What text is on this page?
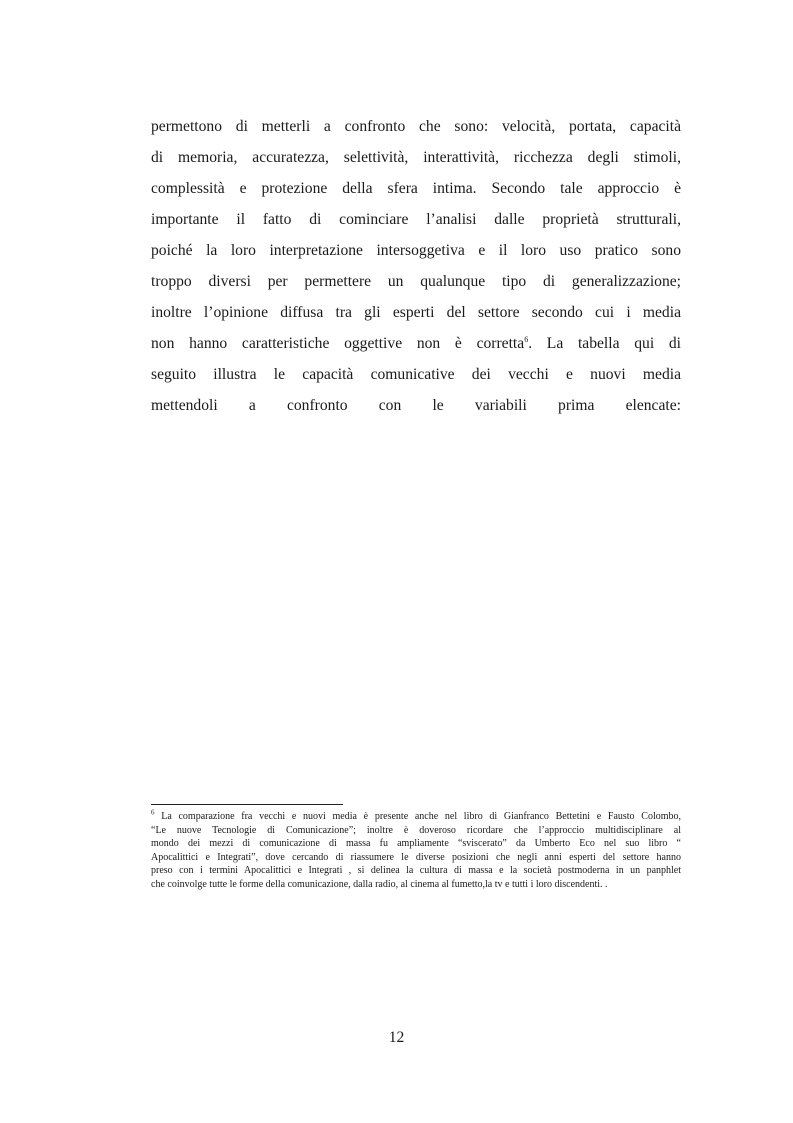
permettono di metterli a confronto che sono: velocità, portata, capacità
di memoria, accuratezza, selettività, interattività, ricchezza degli stimoli,
complessità e protezione della sfera intima. Secondo tale approccio è
importante il fatto di cominciare l’analisi dalle proprietà strutturali,
poiché la loro interpretazione intersoggetiva e il loro uso pratico sono
troppo diversi per permettere un qualunque tipo di generalizzazione;
inoltre l’opinione diffusa tra gli esperti del settore secondo cui i media
non hanno caratteristiche oggettive non è corretta$^6$. La tabella qui di
seguito illustra le capacità comunicative dei vecchi e nuovi media
mettendoli a confronto con le variabili prima elencate:
$^6$ La comparazione fra vecchi e nuovi media è presente anche nel libro di Gianfranco Bettetini e Fausto Colombo,
“Le nuove Tecnologie di Comunicazione”; inoltre è doveroso ricordare che l’approccio multidisciplinare al
mondo dei mezzi di comunicazione di massa fu ampliamente “sviscerato” da Umberto Eco nel suo libro “
Apocalittici e Integrati”, dove cercando di riassumere le diverse posizioni che negli anni esperti del settore hanno
preso con i termini Apocalittici e Integrati , si delinea la cultura di massa e la società postmoderna in un panphlet
che coinvolge tutte le forme della comunicazione, dalla radio, al cinema al fumetto,la tv e tutti i loro discendenti. .
12
